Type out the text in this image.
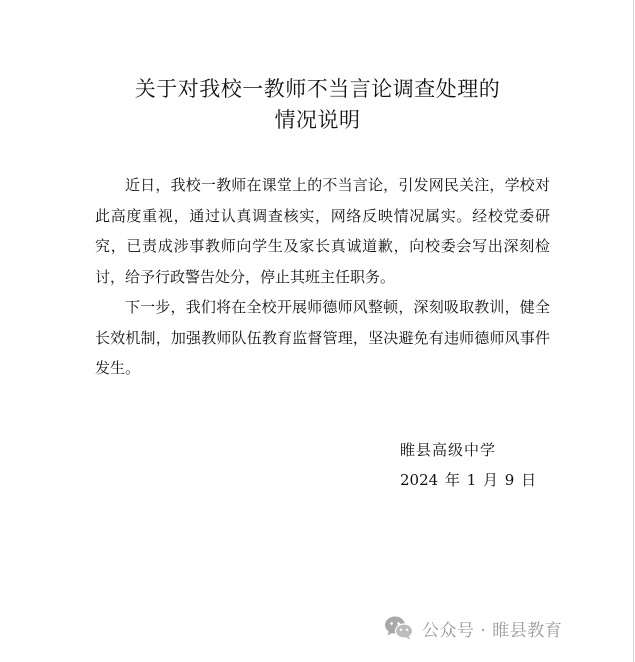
关于对我校一教师不当言论调查处理的
情况说明

近日，我校一教师在课堂上的不当言论，引发网民关注，学校对此高度重视，通过认真调查核实，网络反映情况属实。经校党委研究，已责成涉事教师向学生及家长真诚道歉，向校委会写出深刻检讨，给予行政警告处分，停止其班主任职务。

下一步，我们将在全校开展师德师风整顿，深刻吸取教训，健全长效机制，加强教师队伍教育监督管理，坚决避免有违师德师风事件发生。

睢县高级中学
2024 年 1 月 9 日
公众号 · 睢县教育
